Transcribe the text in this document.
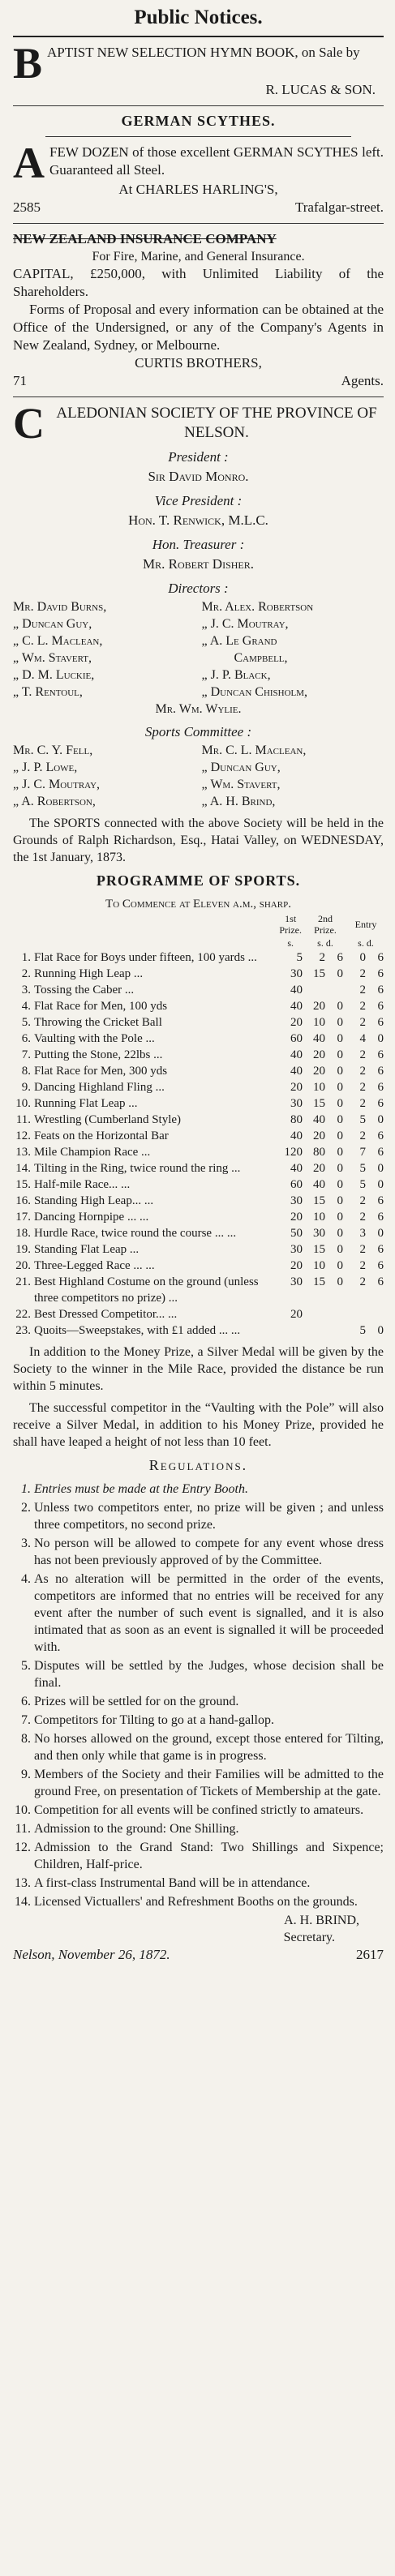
Public Notices.
B APTIST NEW SELECTION HYMN BOOK, on Sale by
R. LUCAS & SON.
GERMAN SCYTHES.
A FEW DOZEN of those excellent GERMAN SCYTHES left. Guaranteed all Steel.
At CHARLES HARLING'S,
2585	Trafalgar-street.
NEW ZEALAND INSURANCE COMPANY
For Fire, Marine, and General Insurance.
CAPITAL, £250,000, with Unlimited Liability of the Shareholders.
Forms of Proposal and every information can be obtained at the Office of the Undersigned, or any of the Company's Agents in New Zealand, Sydney, or Melbourne.
CURTIS BROTHERS,
71	Agents.
C ALEDONIAN SOCIETY OF THE PROVINCE OF NELSON.
President :
Sir David Monro.
Vice President :
Hon. T. Renwick, M.L.C.
Hon. Treasurer :
Mr. Robert Disher.
Directors :
Mr. David Burns,	Mr. Alex. Robertson
„ Duncan Guy,	„ J. C. Moutray,
„ C. L. Maclean,	„ A. Le Grand
„ Wm. Stavert,	Campbell,
„ D. M. Luckie,	„ J. P. Black,
„ T. Rentoul,	„ Duncan Chisholm,
Mr. Wm. Wylie.
Sports Committee :
Mr. C. Y. Fell,	Mr. C. L. Maclean,
„ J. P. Lowe,	„ Duncan Guy,
„ J. C. Moutray,	„ Wm. Stavert,
„ A. Robertson,	„ A. H. Brind,

The SPORTS connected with the above Society will be held in the Grounds of Ralph Richardson, Esq., Hatai Valley, on WEDNESDAY, the 1st January, 1873.

PROGRAMME OF SPORTS.
To Commence at Eleven a.m., sharp.
		1st Prize.		2nd Prize.			Entry	
		s.		s. d.			s. d.	
1.	Flat Race for Boys under fifteen, 100 yards ...	5		2	6		0	6
2.	Running High Leap ...	30		15	0		2	6
3.	Tossing the Caber ...	40					2	6
4.	Flat Race for Men, 100 yds	40		20	0		2	6
5.	Throwing the Cricket Ball	20		10	0		2	6
6.	Vaulting with the Pole ...	60		40	0		4	0
7.	Putting the Stone, 22lbs ...	40		20	0		2	6
8.	Flat Race for Men, 300 yds	40		20	0		2	6
9.	Dancing Highland Fling ...	20		10	0		2	6
10.	Running Flat Leap ...	30		15	0		2	6
11.	Wrestling (Cumberland Style)	80		40	0		5	0
12.	Feats on the Horizontal Bar	40		20	0		2	6
13.	Mile Champion Race ...	120		80	0		7	6
14.	Tilting in the Ring, twice round the ring ...	40		20	0		5	0
15.	Half-mile Race... ...	60		40	0		5	0
16.	Standing High Leap... ...	30		15	0		2	6
17.	Dancing Hornpipe ... ...	20		10	0		2	6
18.	Hurdle Race, twice round the course ... ...	50		30	0		3	0
19.	Standing Flat Leap ...	30		15	0		2	6
20.	Three-Legged Race ... ...	20		10	0		2	6
21.	Best Highland Costume on the ground (unless three competitors no prize) ...	30		15	0		2	6
22.	Best Dressed Competitor... ...	20						
23.	Quoits—Sweepstakes, with £1 added ... ...						5	0

In addition to the Money Prize, a Silver Medal will be given by the Society to the winner in the Mile Race, provided the distance be run within 5 minutes.

The successful competitor in the “Vaulting with the Pole” will also receive a Silver Medal, in addition to his Money Prize, provided he shall have leaped a height of not less than 10 feet.

Regulations.
1. Entries must be made at the Entry Booth.
2. Unless two competitors enter, no prize will be given ; and unless three competitors, no second prize.
3. No person will be allowed to compete for any event whose dress has not been previously approved of by the Committee.
4. As no alteration will be permitted in the order of the events, competitors are informed that no entries will be received for any event after the number of such event is signalled, and it is also intimated that as soon as an event is signalled it will be proceeded with.
5. Disputes will be settled by the Judges, whose decision shall be final.
6. Prizes will be settled for on the ground.
7. Competitors for Tilting to go at a hand-gallop.
8. No horses allowed on the ground, except those entered for Tilting, and then only while that game is in progress.
9. Members of the Society and their Families will be admitted to the ground Free, on presentation of Tickets of Membership at the gate.
10. Competition for all events will be confined strictly to amateurs.
11. Admission to the ground: One Shilling.
12. Admission to the Grand Stand: Two Shillings and Sixpence; Children, Half-price.
13. A first-class Instrumental Band will be in attendance.
14. Licensed Victuallers' and Refreshment Booths on the grounds.
A. H. BRIND,
Secretary.
Nelson, November 26, 1872.	2617
